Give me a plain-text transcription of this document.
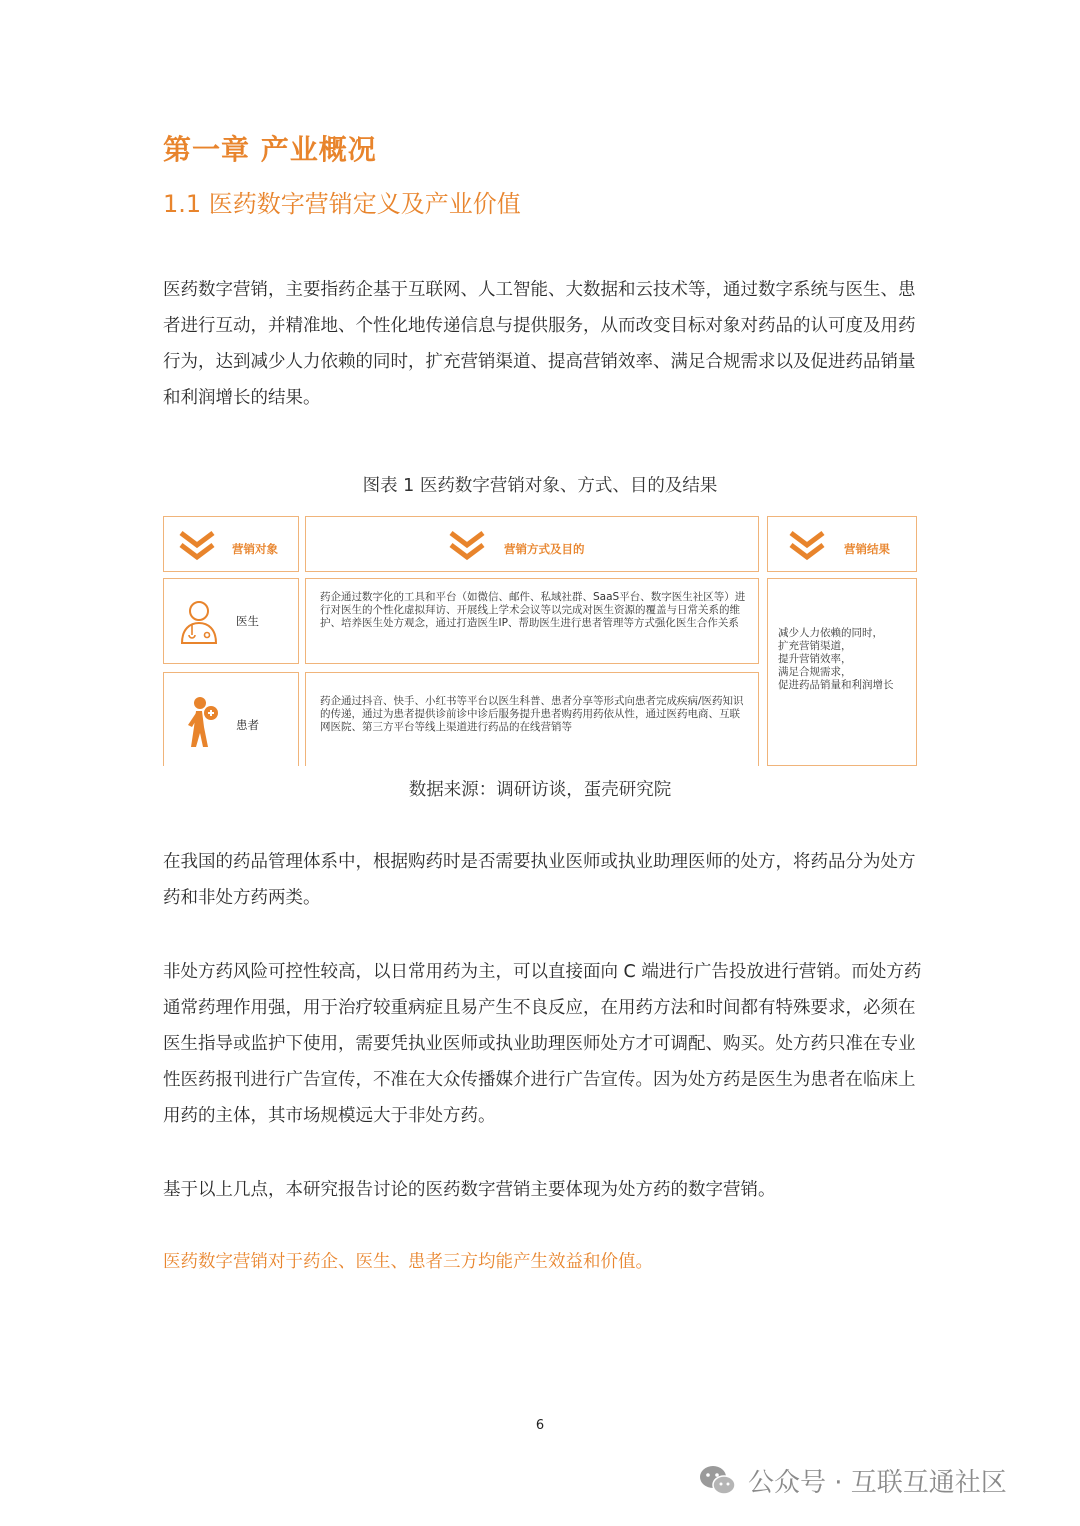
第一章 产业概况
1.1 医药数字营销定义及产业价值
医药数字营销，主要指药企基于互联网、人工智能、大数据和云技术等，通过数字系统与医生、患者进行互动，并精准地、个性化地传递信息与提供服务，从而改变目标对象对药品的认可度及用药行为，达到减少人力依赖的同时，扩充营销渠道、提高营销效率、满足合规需求以及促进药品销量和利润增长的结果。
图表 1 医药数字营销对象、方式、目的及结果
营销对象	营销方式及目的	营销结果
医生
药企通过数字化的工具和平台（如微信、邮件、私域社群、SaaS平台、数字医生社区等）进行对医生的个性化虚拟拜访、开展线上学术会议等以完成对医生资源的覆盖与日常关系的维护、培养医生处方观念，通过打造医生IP、帮助医生进行患者管理等方式强化医生合作关系
患者
药企通过抖音、快手、小红书等平台以医生科普、患者分享等形式向患者完成疾病/医药知识的传递，通过为患者提供诊前诊中诊后服务提升患者购药用药依从性，通过医药电商、互联网医院、第三方平台等线上渠道进行药品的在线营销等
减少人力依赖的同时，
扩充营销渠道，
提升营销效率，
满足合规需求，
促进药品销量和利润增长
数据来源：调研访谈，蛋壳研究院
在我国的药品管理体系中，根据购药时是否需要执业医师或执业助理医师的处方，将药品分为处方药和非处方药两类。
非处方药风险可控性较高，以日常用药为主，可以直接面向 C 端进行广告投放进行营销。而处方药通常药理作用强，用于治疗较重病症且易产生不良反应，在用药方法和时间都有特殊要求，必须在医生指导或监护下使用，需要凭执业医师或执业助理医师处方才可调配、购买。处方药只准在专业性医药报刊进行广告宣传，不准在大众传播媒介进行广告宣传。因为处方药是医生为患者在临床上用药的主体，其市场规模远大于非处方药。
基于以上几点，本研究报告讨论的医药数字营销主要体现为处方药的数字营销。
医药数字营销对于药企、医生、患者三方均能产生效益和价值。
6
公众号 · 互联互通社区
